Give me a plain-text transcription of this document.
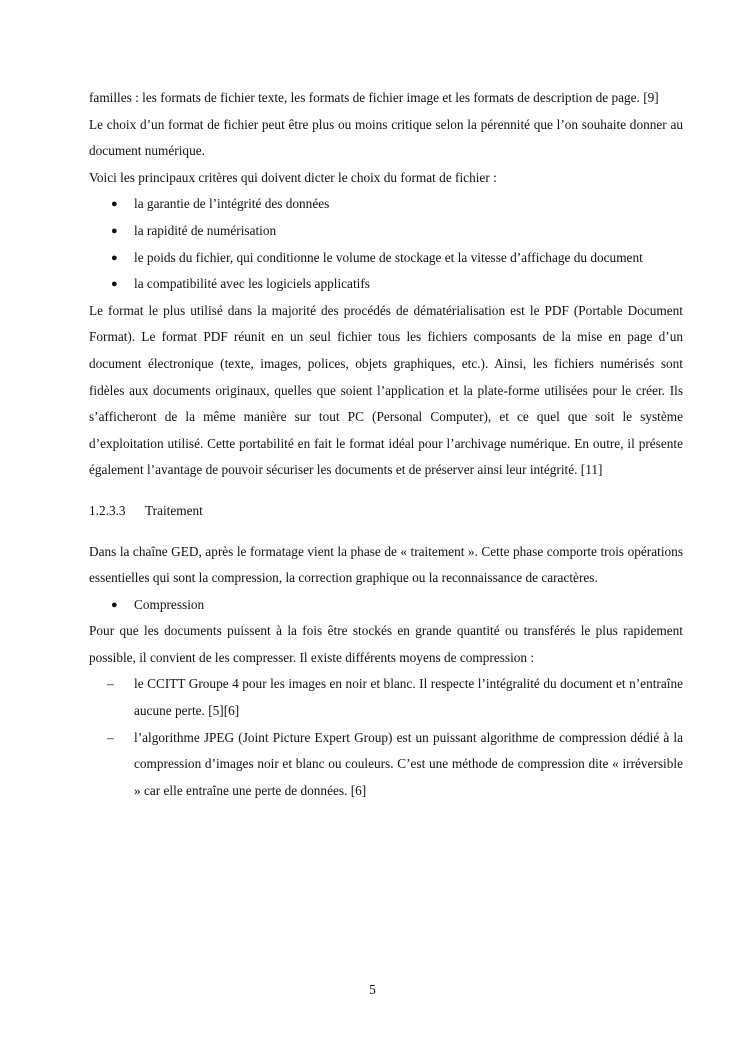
familles : les formats de fichier texte, les formats de fichier image et les formats de description de page. [9]

Le choix d’un format de fichier peut être plus ou moins critique selon la pérennité que l’on souhaite donner au document numérique.

Voici les principaux critères qui doivent dicter le choix du format de fichier :

● la garantie de l’intégrité des données
● la rapidité de numérisation
● le poids du fichier, qui conditionne le volume de stockage et la vitesse d’affichage du document
● la compatibilité avec les logiciels applicatifs

Le format le plus utilisé dans la majorité des procédés de dématérialisation est le PDF (Portable Document Format). Le format PDF réunit en un seul fichier tous les fichiers composants de la mise en page d’un document électronique (texte, images, polices, objets graphiques, etc.). Ainsi, les fichiers numérisés sont fidèles aux documents originaux, quelles que soient l’application et la plate-forme utilisées pour le créer. Ils s’afficheront de la même manière sur tout PC (Personal Computer), et ce quel que soit le système d’exploitation utilisé. Cette portabilité en fait le format idéal pour l’archivage numérique. En outre, il présente également l’avantage de pouvoir sécuriser les documents et de préserver ainsi leur intégrité. [11]

1.2.3.3 Traitement

Dans la chaîne GED, après le formatage vient la phase de « traitement ». Cette phase comporte trois opérations essentielles qui sont la compression, la correction graphique ou la reconnaissance de caractères.

● Compression

Pour que les documents puissent à la fois être stockés en grande quantité ou transférés le plus rapidement possible, il convient de les compresser. Il existe différents moyens de compression :

– le CCITT Groupe 4 pour les images en noir et blanc. Il respecte l’intégralité du document et n’entraîne aucune perte. [5][6]
– l’algorithme JPEG (Joint Picture Expert Group) est un puissant algorithme de compression dédié à la compression d’images noir et blanc ou couleurs. C’est une méthode de compression dite « irréversible » car elle entraîne une perte de données. [6]
5
